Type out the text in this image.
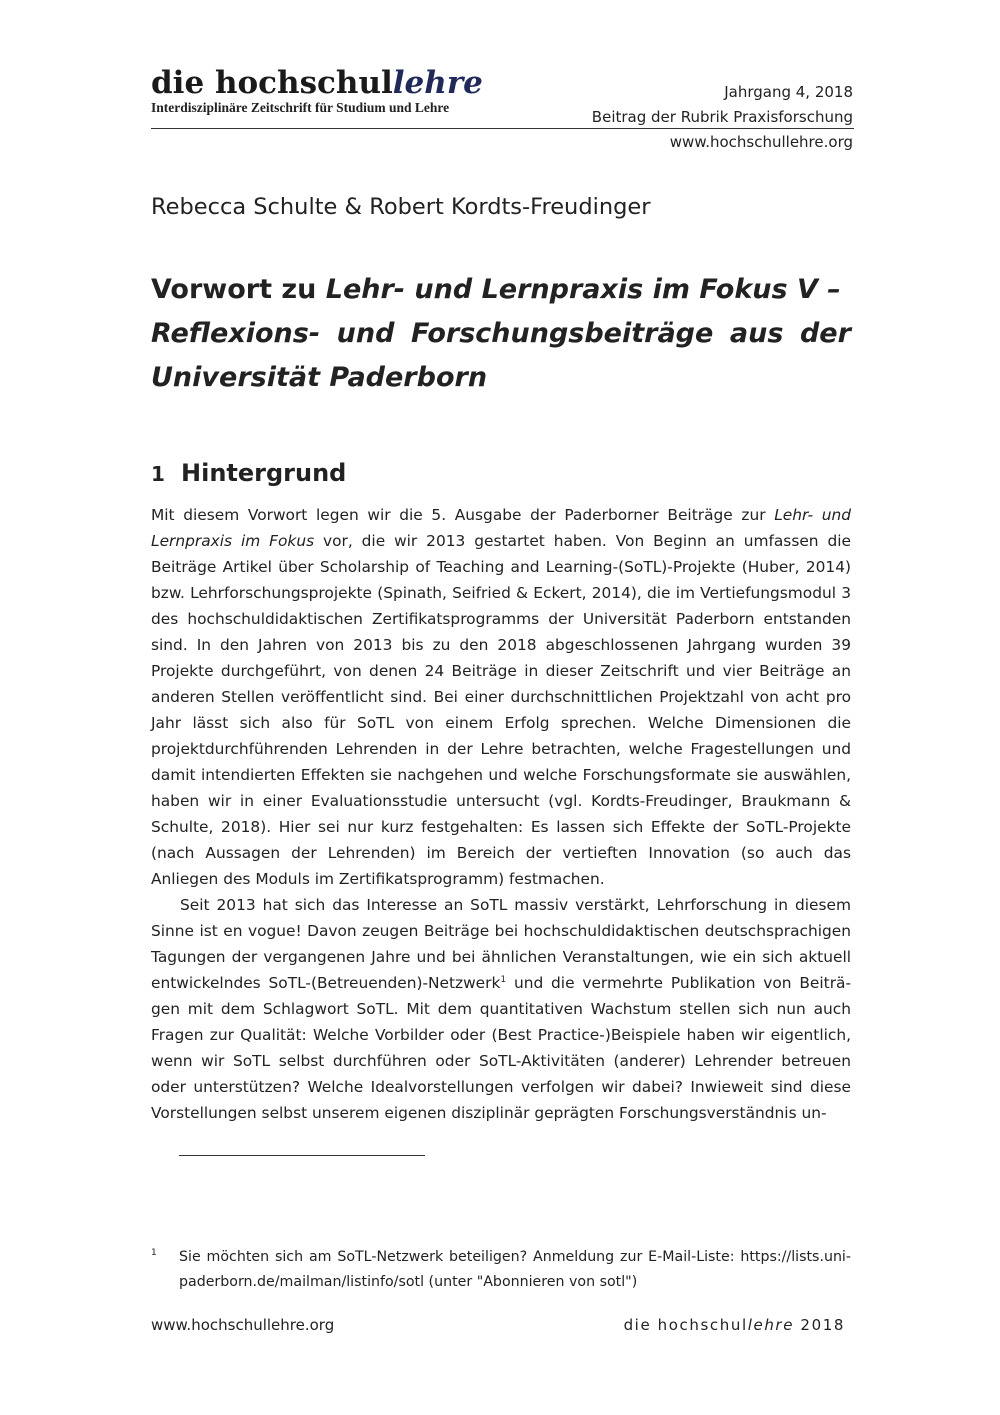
die hochschullehre
Interdisziplinäre Zeitschrift für Studium und Lehre
Jahrgang 4, 2018
Beitrag der Rubrik Praxisforschung
www.hochschullehre.org
Rebecca Schulte & Robert Kordts-Freudinger
Vorwort zu Lehr- und Lernpraxis im Fokus V –
Reflexions- und Forschungsbeiträge aus der
Universität Paderborn
1 Hintergrund

Mit diesem Vorwort legen wir die 5. Ausgabe der Paderborner Beiträge zur Lehr- und Lernpraxis im Fokus vor, die wir 2013 gestartet haben. Von Beginn an umfassen die Beiträge Artikel über Scholarship of Teaching and Learning-(SoTL)-Projekte (Huber, 2014) bzw. Lehrforschungsprojekte (Spinath, Seifried & Eckert, 2014), die im Vertiefungsmodul 3 des hochschuldidaktischen Zertifikatsprogramms der Universität Paderborn entstanden sind. In den Jahren von 2013 bis zu den 2018 abgeschlossenen Jahrgang wurden 39 Projekte durchgeführt, von denen 24 Beiträge in dieser Zeitschrift und vier Beiträge an anderen Stellen veröffentlicht sind. Bei einer durchschnittlichen Projektzahl von acht pro Jahr lässt sich also für SoTL von einem Erfolg sprechen. Welche Dimensionen die projektdurchführenden Lehrenden in der Lehre betrachten, welche Fragestellungen und damit intendierten Effekten sie nachgehen und welche Forschungsformate sie auswählen, haben wir in einer Evaluationsstudie untersucht (vgl. Kordts-Freudinger, Braukmann & Schulte, 2018). Hier sei nur kurz festgehalten: Es lassen sich Effekte der SoTL-Projekte (nach Aussagen der Lehrenden) im Bereich der vertieften Innovation (so auch das Anliegen des Moduls im Zertifikatsprogramm) festmachen.

Seit 2013 hat sich das Interesse an SoTL massiv verstärkt, Lehrforschung in diesem Sinne ist en vogue! Davon zeugen Beiträge bei hochschuldidaktischen deutschsprachigen Tagungen der vergangenen Jahre und bei ähnlichen Veranstaltungen, wie ein sich aktuell entwickelndes SoTL-(Betreuenden)-Netzwerk$^1$ und die vermehrte Publikation von Beiträgen mit dem Schlagwort SoTL. Mit dem quantitativen Wachstum stellen sich nun auch Fragen zur Qualität: Welche Vorbilder oder (Best Practice-)Beispiele haben wir eigentlich, wenn wir SoTL selbst durchführen oder SoTL-Aktivitäten (anderer) Lehrender betreuen oder unterstützen? Welche Idealvorstellungen verfolgen wir dabei? Inwieweit sind diese Vorstellungen selbst unserem eigenen disziplinär geprägten Forschungsverständnis un-

1 Sie möchten sich am SoTL-Netzwerk beteiligen? Anmeldung zur E-Mail-Liste: https://lists.uni-paderborn.de/mailman/listinfo/sotl (unter "Abonnieren von sotl")
www.hochschullehre.org	die hochschullehre 2018
